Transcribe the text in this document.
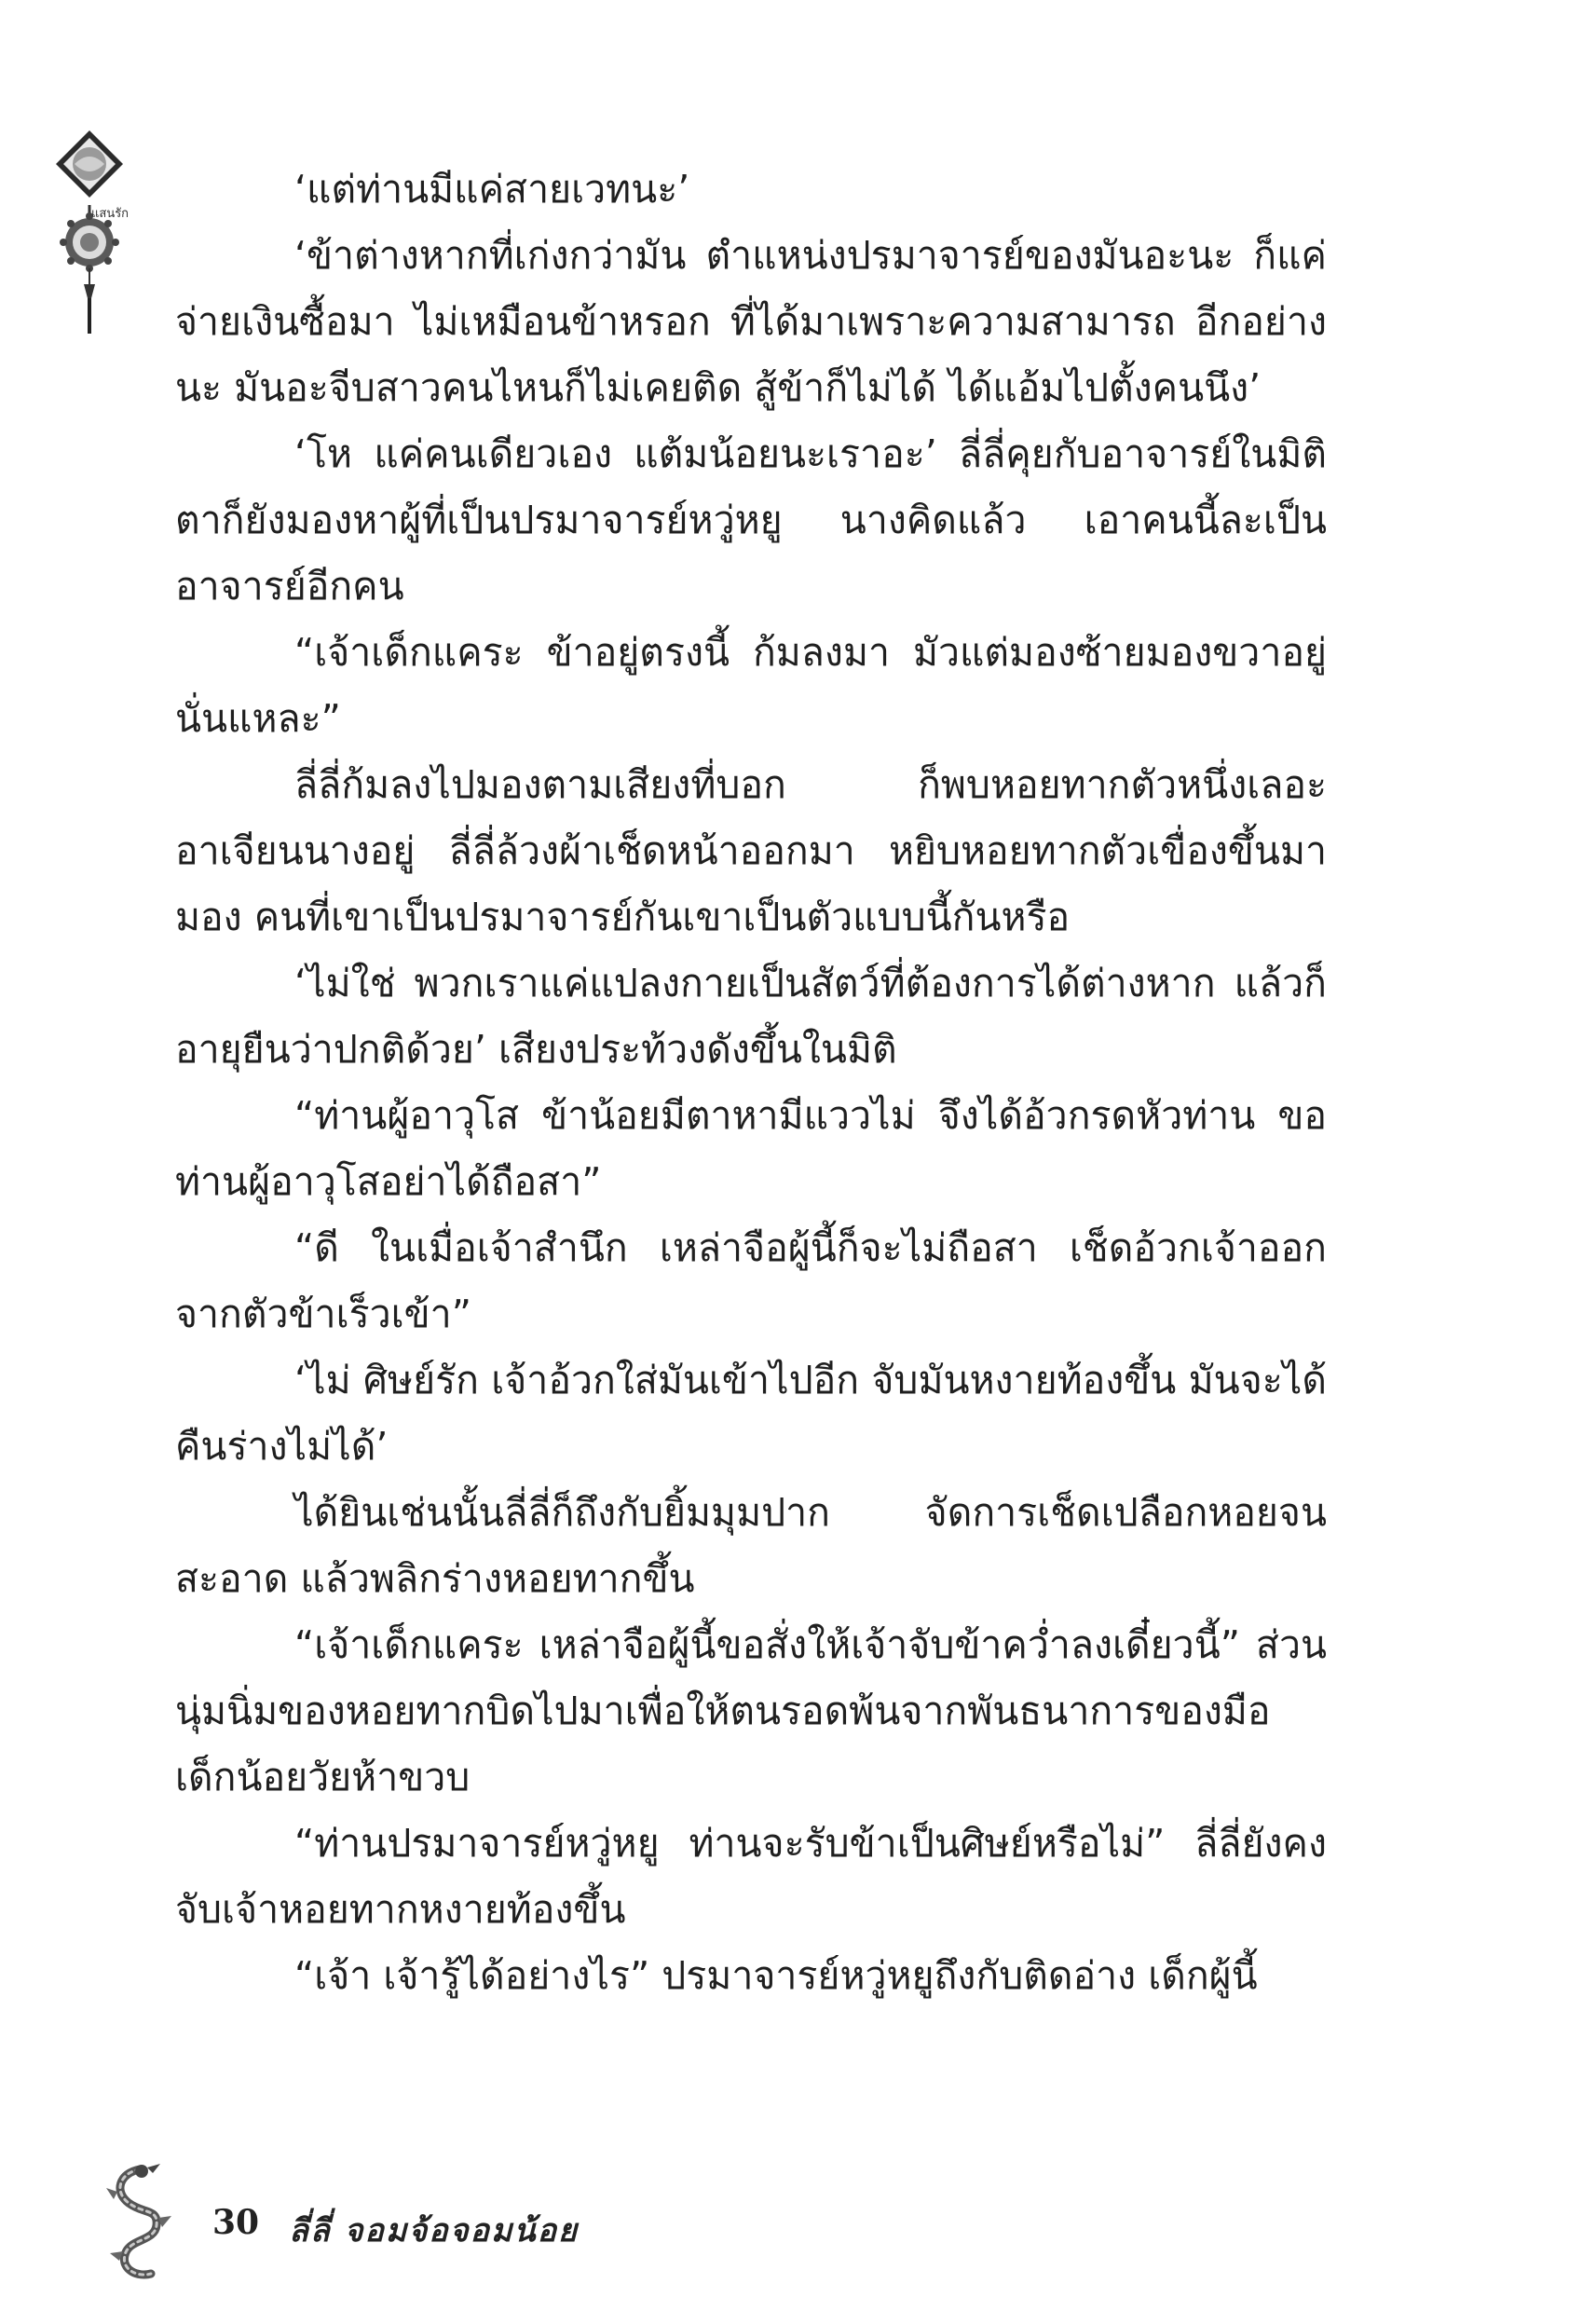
แสนรัก

‘แต่ท่านมีแค่สายเวทนะ’

‘ข้าต่างหากที่เก่งกว่ามัน ตำแหน่งปรมาจารย์ของมันอะนะ ก็แค่จ่ายเงินซื้อมา ไม่เหมือนข้าหรอก ที่ได้มาเพราะความสามารถ อีกอย่างนะ มันอะจีบสาวคนไหนก็ไม่เคยติด สู้ข้าก็ไม่ได้ ได้แอ้มไปตั้งคนนึง’

‘โห แค่คนเดียวเอง แต้มน้อยนะเราอะ’ ลี่ลี่คุยกับอาจารย์ในมิติ ตาก็ยังมองหาผู้ที่เป็นปรมาจารย์หวู่หยู นางคิดแล้ว เอาคนนี้ละเป็นอาจารย์อีกคน

“เจ้าเด็กแคระ ข้าอยู่ตรงนี้ ก้มลงมา มัวแต่มองซ้ายมองขวาอยู่นั่นแหละ”

ลี่ลี่ก้มลงไปมองตามเสียงที่บอก ก็พบหอยทากตัวหนึ่งเลอะอาเจียนนางอยู่ ลี่ลี่ล้วงผ้าเช็ดหน้าออกมา หยิบหอยทากตัวเขื่องขึ้นมามอง คนที่เขาเป็นปรมาจารย์กันเขาเป็นตัวแบบนี้กันหรือ

‘ไม่ใช่ พวกเราแค่แปลงกายเป็นสัตว์ที่ต้องการได้ต่างหาก แล้วก็อายุยืนว่าปกติด้วย’ เสียงประท้วงดังขึ้นในมิติ

“ท่านผู้อาวุโส ข้าน้อยมีตาหามีแววไม่ จึงได้อ้วกรดหัวท่าน ขอท่านผู้อาวุโสอย่าได้ถือสา”

“ดี ในเมื่อเจ้าสำนึก เหล่าจือผู้นี้ก็จะไม่ถือสา เช็ดอ้วกเจ้าออกจากตัวข้าเร็วเข้า”

‘ไม่ ศิษย์รัก เจ้าอ้วกใส่มันเข้าไปอีก จับมันหงายท้องขึ้น มันจะได้คืนร่างไม่ได้’

ได้ยินเช่นนั้นลี่ลี่ก็ถึงกับยิ้มมุมปาก จัดการเช็ดเปลือกหอยจนสะอาด แล้วพลิกร่างหอยทากขึ้น

“เจ้าเด็กแคระ เหล่าจือผู้นี้ขอสั่งให้เจ้าจับข้าคว่ำลงเดี๋ยวนี้” ส่วนนุ่มนิ่มของหอยทากบิดไปมาเพื่อให้ตนรอดพ้นจากพันธนาการของมือเด็กน้อยวัยห้าขวบ

“ท่านปรมาจารย์หวู่หยู ท่านจะรับข้าเป็นศิษย์หรือไม่” ลี่ลี่ยังคงจับเจ้าหอยทากหงายท้องขึ้น

“เจ้า เจ้ารู้ได้อย่างไร” ปรมาจารย์หวู่หยูถึงกับติดอ่าง เด็กผู้นี้

30 ลี่ลี่ จอมจ้อจอมน้อย
